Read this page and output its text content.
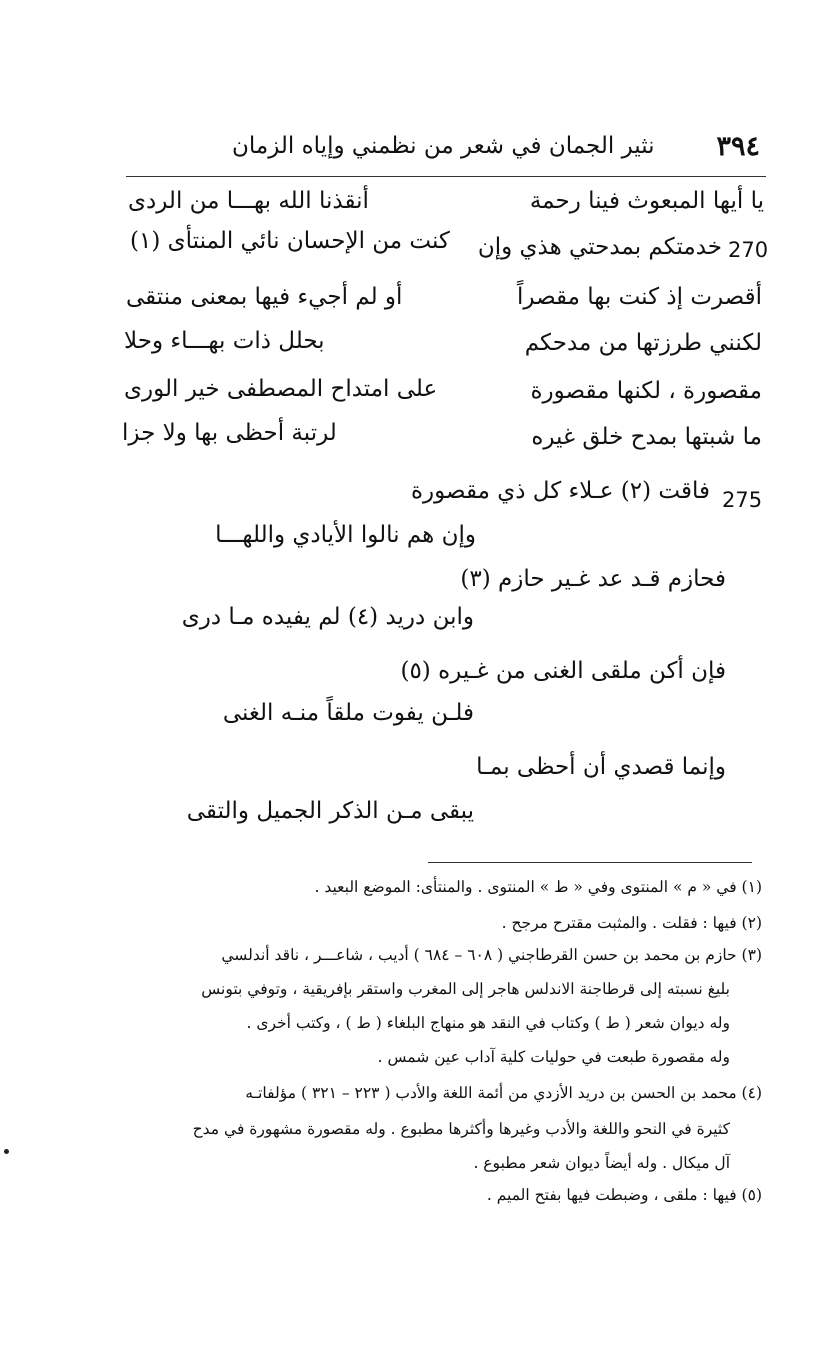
٣٩٤
نثير الجمان في شعر من نظمني وإياه الزمان
يا أيها المبعوث فينا رحمة
أنقذنا الله بهـــا من الردى
270
خدمتكم بمدحتي هذي وإن
كنت من الإحسان نائي المنتأى (١)
أقصرت إذ كنت بها مقصراً
أو لم أجيء فيها بمعنى منتقى
لكنني طرزتها من مدحكم
بحلل ذات بهـــاء وحلا
مقصورة ، لكنها مقصورة
على امتداح المصطفى خير الورى
ما شبتها بمدح خلق غيره
لرتبة أحظى بها ولا جزا
275
فاقت (٢) عـلاء كل ذي مقصورة
وإن هم نالوا الأيادي واللهـــا
فحازم قـد عد غـير حازم (٣)
وابن دريد (٤) لم يفيده مـا درى
فإن أكن ملقى الغنى من غـيره (٥)
فلـن يفوت ملقاً منـه الغنى
وإنما قصدي أن أحظى بمـا
يبقى مـن الذكر الجميل والتقى
(١) في « م » المنتوى وفي « ط » المنتوى . والمنتأى: الموضع البعيد .
(٢) فيها : فقلت . والمثبت مقترح مرجح .
(٣) حازم بن محمد بن حسن القرطاجني ( ٦٠٨ – ٦٨٤ ) أديب ، شاعـــر ، ناقد أندلسي
بليغ نسبته إلى قرطاجنة الاندلس هاجر إلى المغرب واستقر بإفريقية ، وتوفي بتونس
وله ديوان شعر ( ط ) وكتاب في النقد هو منهاج البلغاء ( ط ) ، وكتب أخرى .
وله مقصورة طبعت في حوليات كلية آداب عين شمس .
(٤) محمد بن الحسن بن دريد الأزدي من أئمة اللغة والأدب ( ٢٢٣ – ٣٢١ ) مؤلفاتـه
كثيرة في النحو واللغة والأدب وغيرها وأكثرها مطبوع . وله مقصورة مشهورة في مدح
آل ميكال . وله أيضاً ديوان شعر مطبوع .
(٥) فيها : ملقى ، وضبطت فيها بفتح الميم .
